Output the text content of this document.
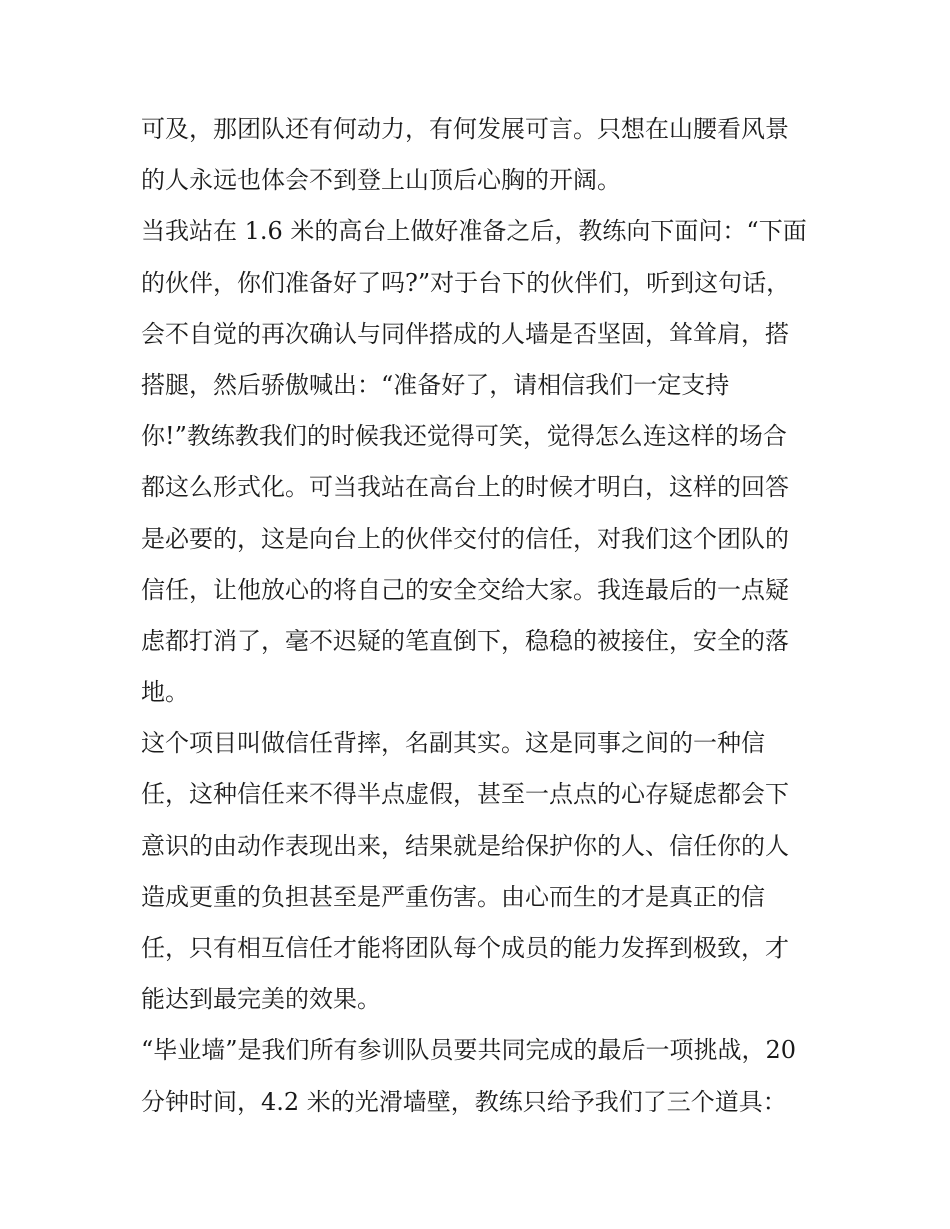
可及，那团队还有何动力，有何发展可言。只想在山腰看风景
的人永远也体会不到登上山顶后心胸的开阔。
当我站在 1.6 米的高台上做好准备之后，教练向下面问：“下面
的伙伴，你们准备好了吗?”对于台下的伙伴们，听到这句话，
会不自觉的再次确认与同伴搭成的人墙是否坚固，耸耸肩，搭
搭腿，然后骄傲喊出：“准备好了，请相信我们一定支持
你!”教练教我们的时候我还觉得可笑，觉得怎么连这样的场合
都这么形式化。可当我站在高台上的时候才明白，这样的回答
是必要的，这是向台上的伙伴交付的信任，对我们这个团队的
信任，让他放心的将自己的安全交给大家。我连最后的一点疑
虑都打消了，毫不迟疑的笔直倒下，稳稳的被接住，安全的落
地。
这个项目叫做信任背摔，名副其实。这是同事之间的一种信
任，这种信任来不得半点虚假，甚至一点点的心存疑虑都会下
意识的由动作表现出来，结果就是给保护你的人、信任你的人
造成更重的负担甚至是严重伤害。由心而生的才是真正的信
任，只有相互信任才能将团队每个成员的能力发挥到极致，才
能达到最完美的效果。
“毕业墙”是我们所有参训队员要共同完成的最后一项挑战，20
分钟时间，4.2 米的光滑墙壁，教练只给予我们了三个道具：
